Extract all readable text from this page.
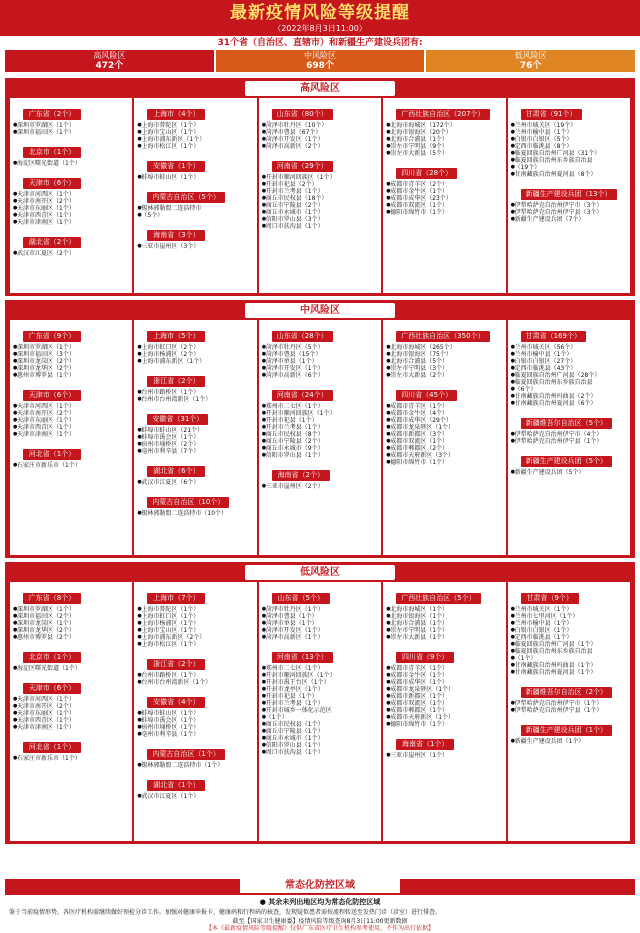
最新疫情风险等级提醒
（2022年8月3日11:00）
31个省（自治区、直辖市）和新疆生产建设兵团有:
高风险区
472个
中风险区
698个
低风险区
76个
高风险区
广东省（2个）
● 深圳市罗湖区（1个）
● 深圳市福田区（1个）
北京市（1个）
● 海淀区曙光街道（1个）
天津市（6个）
● 天津市河西区（1个）
● 天津市南开区（2个）
● 天津市东丽区（1个）
● 天津市西青区（1个）
● 天津市津南区（1个）
湖北省（2个）
● 武汉市江夏区（2个）
上海市（4个）
● 上海市普陀区（1个）
● 上海市宝山区（1个）
● 上海市浦东新区（1个）
● 上海市松江区（1个）
安徽省（1个）
● 蚌埠市蚌山区（1个）
内蒙古自治区（5个）
● 锡林郭勒盟二连浩特市
● （5个）
海南省（3个）
● 三亚市崖州区（3个）
山东省（80个）
● 菏泽市牡丹区（10个）
● 菏泽市曹县（67个）
● 菏泽市开发区（1个）
● 菏泽市高新区（2个）
河南省（29个）
● 开封市顺河回族区（1个）
● 开封市祀县（2个）
● 开封市兰考县（1个）
● 商丘市民权县（18个）
● 商丘市宁陵县（2个）
● 商丘市永城市（1个）
● 信阳市罗山县（3个）
● 周口市扶沟县（1个）
广西壮族自治区（207个）
● 北海市海城区（172个）
● 北海市银海区（20个）
● 北海市合浦县（1个）
● 崇左市宁明县（9个）
● 崇左市大新县（5个）
四川省（28个）
● 成都市青羊区（2个）
● 成都市金牛区（1个）
● 成都市成华区（23个）
● 成都市双流区（1个）
● 德阳市绵竹市（1个）
甘肃省（91个）
● 兰州市城关区（19个）
● 兰州市榆中县（1个）
● 白银市白银区（5个）
● 定西市临洮县（8个）
● 临夏回族自治州广河县（31个）
● 临夏回族自治州东乡族自治县
● （19个）
● 甘南藏族自治州夏河县（8个）
新疆生产建设兵团（13个）
● 伊犁哈萨克自治州伊宁市（3个）
● 伊犁哈萨克自治州伊宁县（3个）
● 新疆生产建设兵团（7个）
中风险区
广东省（9个）
● 深圳市罗湖区（1个）
● 深圳市福田区（3个）
● 深圳市龙岗区（2个）
● 深圳市龙华区（2个）
● 惠州市博罗县（1个）
天津市（6个）
● 天津市河西区（1个）
● 天津市南开区（2个）
● 天津市东丽区（1个）
● 天津市西青区（1个）
● 天津市津南区（1个）
河北省（1个）
● 石家庄市新乐市（1个）
上海市（5个）
● 上海市虹口区（2个）
● 上海市杨浦区（2个）
● 上海市浦东新区（1个）
浙江省（2个）
● 台州市路桥区（1个）
● 台州市台州湾新区（1个）
安徽省（31个）
● 蚌埠市蚌山区（21个）
● 蚌埠市禹会区（1个）
● 宿州市埇桥区（2个）
● 亳州市利辛县（7个）
湖北省（6个）
● 武汉市江夏区（6个）
内蒙古自治区（10个）
● 锡林郭勒盟二连浩特市（10个）
山东省（28个）
● 菏泽市牡丹区（5个）
● 菏泽市曹县（15个）
● 菏泽市单县（1个）
● 菏泽市开发区（1个）
● 菏泽市高新区（6个）
河南省（24个）
● 郑州市二七区（1个）
● 开封市顺河回族区（1个）
● 开封市祀县（1个）
● 开封市兰考县（1个）
● 商丘市民权县（8个）
● 商丘市宁陵县（2个）
● 商丘市永城市（9个）
● 信阳市罗山县（1个）
海南省（2个）
● 三亚市崖州区（2个）
广西壮族自治区（350个）
● 北海市海城区（265个）
● 北海市银海区（75个）
● 北海市合浦县（5个）
● 崇左市宁明县（3个）
● 崇左市大新县（2个）
四川省（45个）
● 成都市青羊区（1个）
● 成都市金牛区（4个）
● 成都市成华区（29个）
● 成都市龙泉驿区（1个）
● 成都市新都区（3个）
● 成都市双流区（1个）
● 成都市郫都区（2个）
● 成都市天府新区（3个）
● 德阳市绵竹市（1个）
甘肃省（169个）
● 兰州市城关区（56个）
● 兰州市榆中县（1个）
● 白银市白银区（27个）
● 定西市临洮县（43个）
● 临夏回族自治州广河县（28个）
● 临夏回族自治州东乡族自治县
● （6个）
● 甘南藏族自治州玛曲县（2个）
● 甘南藏族自治州夏河县（6个）
新疆维吾尔自治区（5个）
● 伊犁哈萨克自治州伊宁市（4个）
● 伊犁哈萨克自治州伊宁县（1个）
新疆生产建设兵团（5个）
● 新疆生产建设兵团（5个）
低风险区
广东省（8个）
● 深圳市罗湖区（1个）
● 深圳市福田区（2个）
● 深圳市龙岗区（1个）
● 深圳市龙华区（2个）
● 惠州市博罗县（2个）
北京市（1个）
● 海淀区曙光街道（1个）
天津市（6个）
● 天津市河西区（1个）
● 天津市南开区（2个）
● 天津市东丽区（1个）
● 天津市西青区（1个）
● 天津市津南区（1个）
河北省（1个）
● 石家庄市新乐市（1个）
上海市（7个）
● 上海市普陀区（1个）
● 上海市虹口区（1个）
● 上海市杨浦区（1个）
● 上海市宝山区（1个）
● 上海市浦东新区（2个）
● 上海市松江区（1个）
浙江省（2个）
● 台州市路桥区（1个）
● 台州市台州湾新区（1个）
安徽省（4个）
● 蚌埠市蚌山区（1个）
● 蚌埠市禹会区（1个）
● 宿州市埇桥区（1个）
● 亳州市利辛县（1个）
内蒙古自治区（1个）
● 锡林郭勒盟二连浩特市（1个）
湖北省（1个）
● 武汉市江夏区（1个）
山东省（5个）
● 菏泽市牡丹区（1个）
● 菏泽市曹县（1个）
● 菏泽市单县（1个）
● 菏泽市开发区（1个）
● 菏泽市高新区（1个）
河南省（13个）
● 郑州市二七区（1个）
● 开封市顺河回族区（1个）
● 开封市禹王台区（1个）
● 开封市龙亭区（1个）
● 开封市祀县（1个）
● 开封市兰考县（1个）
● 开封市城乡一体化示范区
● （1个）
● 商丘市民权县（1个）
● 商丘市宁陵县（1个）
● 商丘市永城市（1个）
● 信阳市罗山县（1个）
● 周口市扶沟县（1个）
广西壮族自治区（5个）
● 北海市海城区（1个）
● 北海市银海区（1个）
● 北海市合浦县（1个）
● 崇左市宁明县（1个）
● 崇左市大新县（1个）
四川省（9个）
● 成都市青羊区（1个）
● 成都市金牛区（1个）
● 成都市成华区（1个）
● 成都市龙泉驿区（1个）
● 成都市新都区（1个）
● 成都市双流区（1个）
● 成都市郫都区（1个）
● 成都市天府新区（1个）
● 德阳市绵竹市（1个）
海南省（1个）
● 三亚市崖州区（1个）
甘肃省（9个）
● 兰州市城关区（1个）
● 兰州市七里河区（1个）
● 兰州市榆中县（1个）
● 白银市白银区（1个）
● 定西市临洮县（1个）
● 临夏回族自治州广河县（1个）
● 临夏回族自治州东乡族自治县
● （1个）
● 甘南藏族自治州玛曲县（1个）
● 甘南藏族自治州夏河县（1个）
新疆维吾尔自治区（2个）
● 伊犁哈萨克自治州伊宁市（1个）
● 伊犁哈萨克自治州伊宁县（1个）
新疆生产建设兵团（1个）
● 新疆生产建设兵团（1个）
常态化防控区域
● 其余未列出地区均为常态化防控区域
鉴于当前疫情形势，各医疗机构需继续做好预检分诊工作。加强对健康申报卡、健康码和行程码的核查，发现疑似患者需按流程转送至发热门诊（诊室）进行排查。
截至【国家卫生健康委】疫情风险等级查询8月3日11:00更新数据
【本《最新疫情风险等级提醒》仅供广东省医疗卫生机构参考使用，不作为出行依据】
